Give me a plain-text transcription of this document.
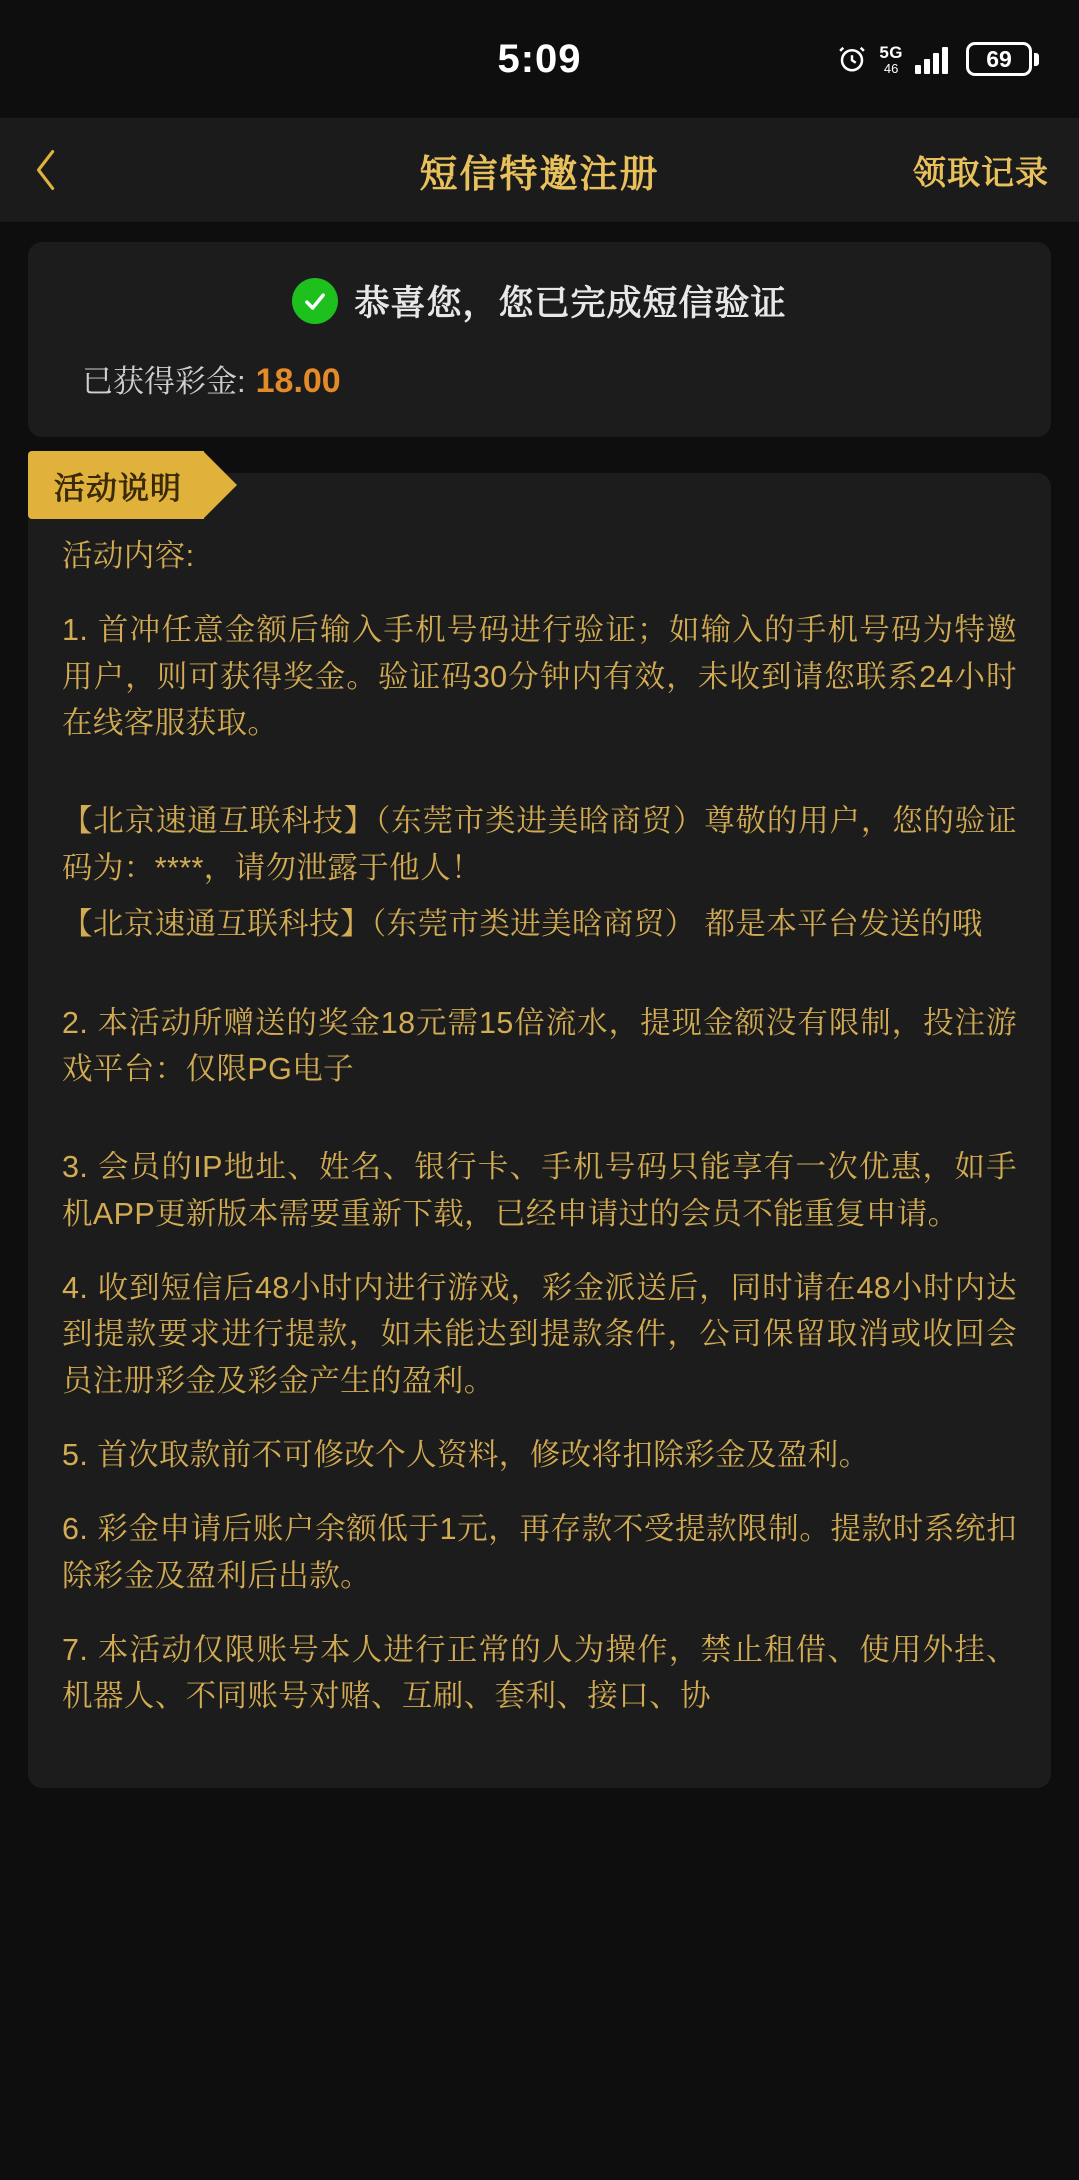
5:09	5G
46	69
短信特邀注册	领取记录
恭喜您，您已完成短信验证
已获得彩金: 18.00
活动说明

活动内容:

1. 首冲任意金额后输入手机号码进行验证；如输入的手机号码为特邀用户，则可获得奖金。验证码30分钟内有效，未收到请您联系24小时在线客服获取。

【北京速通互联科技】（东莞市类进美晗商贸）尊敬的用户，您的验证码为：****，请勿泄露于他人！

【北京速通互联科技】（东莞市类进美晗商贸） 都是本平台发送的哦

2. 本活动所赠送的奖金18元需15倍流水，提现金额没有限制，投注游戏平台：仅限PG电子

3. 会员的IP地址、姓名、银行卡、手机号码只能享有一次优惠，如手机APP更新版本需要重新下载，已经申请过的会员不能重复申请。

4. 收到短信后48小时内进行游戏，彩金派送后，同时请在48小时内达到提款要求进行提款，如未能达到提款条件，公司保留取消或收回会员注册彩金及彩金产生的盈利。

5. 首次取款前不可修改个人资料，修改将扣除彩金及盈利。

6. 彩金申请后账户余额低于1元，再存款不受提款限制。提款时系统扣除彩金及盈利后出款。

7. 本活动仅限账号本人进行正常的人为操作，禁止租借、使用外挂、机器人、不同账号对赌、互刷、套利、接口、协
